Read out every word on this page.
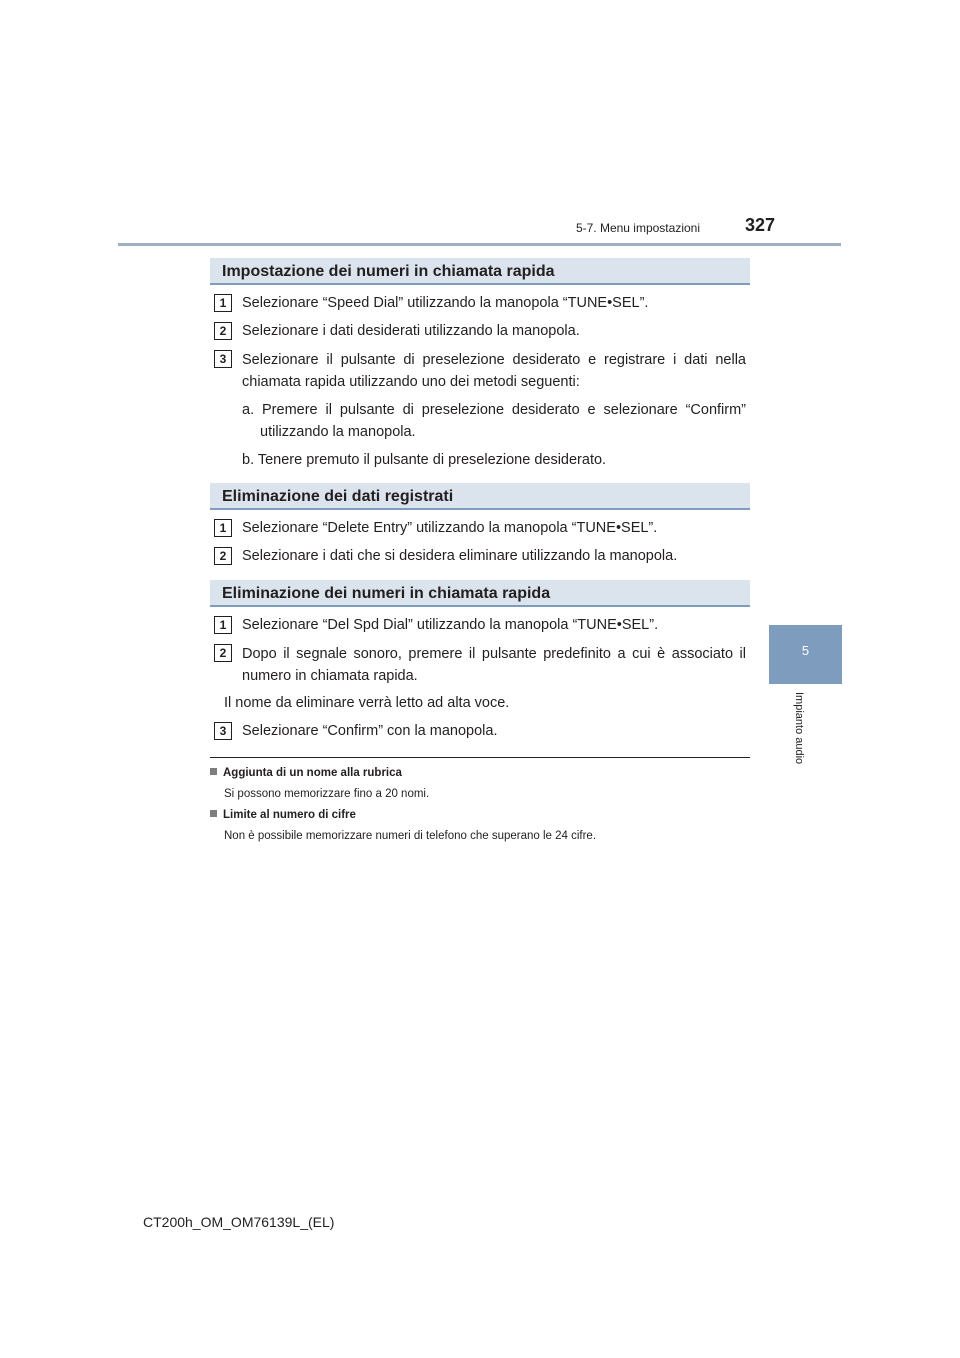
5-7. Menu impostazioni	327
5
Impianto audio
Impostazione dei numeri in chiamata rapida
1	Selezionare “Speed Dial” utilizzando la manopola “TUNE•SEL”.
2	Selezionare i dati desiderati utilizzando la manopola.
3	Selezionare il pulsante di preselezione desiderato e registrare i dati nella chiamata rapida utilizzando uno dei metodi seguenti:
a. Premere il pulsante di preselezione desiderato e selezionare “Confirm” utilizzando la manopola.
b. Tenere premuto il pulsante di preselezione desiderato.
Eliminazione dei dati registrati
1	Selezionare “Delete Entry” utilizzando la manopola “TUNE•SEL”.
2	Selezionare i dati che si desidera eliminare utilizzando la manopola.
Eliminazione dei numeri in chiamata rapida
1	Selezionare “Del Spd Dial” utilizzando la manopola “TUNE•SEL”.
2	Dopo il segnale sonoro, premere il pulsante predefinito a cui è associato il numero in chiamata rapida.
Il nome da eliminare verrà letto ad alta voce.
3	Selezionare “Confirm” con la manopola.
Aggiunta di un nome alla rubrica
Si possono memorizzare fino a 20 nomi.
Limite al numero di cifre
Non è possibile memorizzare numeri di telefono che superano le 24 cifre.
CT200h_OM_OM76139L_(EL)
